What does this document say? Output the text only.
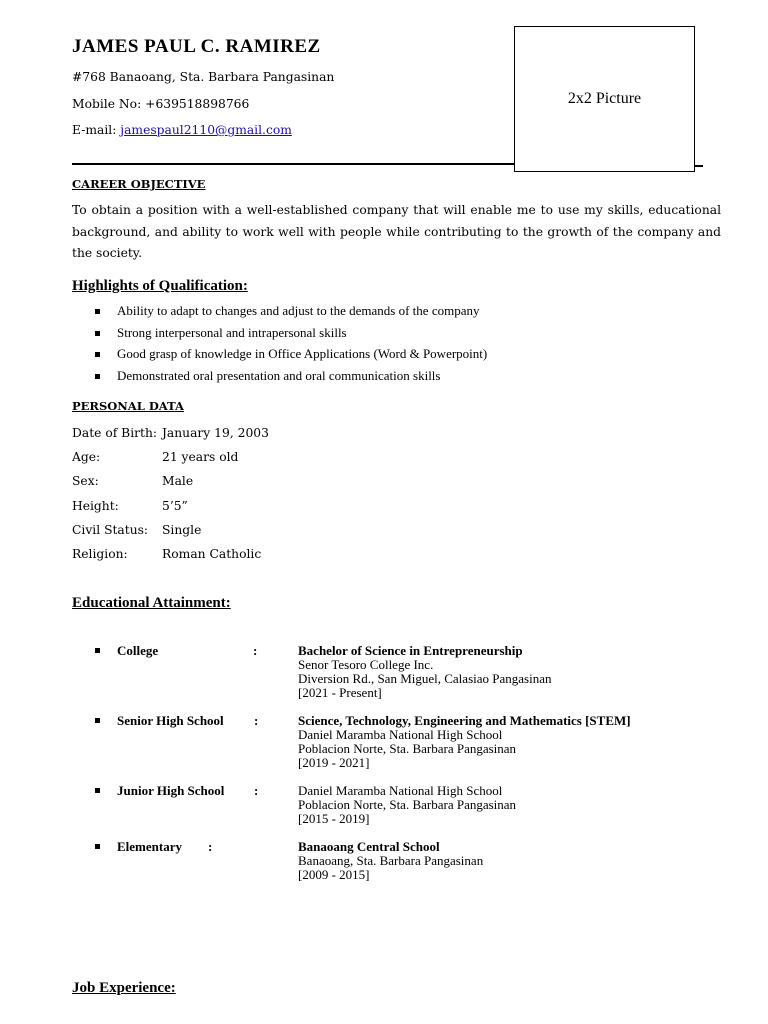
JAMES PAUL C. RAMIREZ
#768 Banaoang, Sta. Barbara Pangasinan
Mobile No: +639518898766
E-mail: jamespaul2110@gmail.com
2x2 Picture
CAREER OBJECTIVE
To obtain a position with a well-established company that will enable me to use my skills, educational background, and ability to work well with people while contributing to the growth of the company and the society.
Highlights of Qualification:
Ability to adapt to changes and adjust to the demands of the company
Strong interpersonal and intrapersonal skills
Good grasp of knowledge in Office Applications (Word & Powerpoint)
Demonstrated oral presentation and oral communication skills
PERSONAL DATA
Date of Birth: January 19, 2003
Age:	21 years old
Sex:	Male
Height:	5’5”
Civil Status: Single
Religion:	Roman Catholic
Educational Attainment:
College	:	Bachelor of Science in Entrepreneurship
Senor Tesoro College Inc.
Diversion Rd., San Miguel, Calasiao Pangasinan
[2021 - Present]
Senior High School :	Science, Technology, Engineering and Mathematics [STEM]
Daniel Maramba National High School
Poblacion Norte, Sta. Barbara Pangasinan
[2019 - 2021]
Junior High School :	Daniel Maramba National High School
Poblacion Norte, Sta. Barbara Pangasinan
[2015 - 2019]
Elementary :	Banaoang Central School
Banaoang, Sta. Barbara Pangasinan
[2009 - 2015]
Job Experience:
